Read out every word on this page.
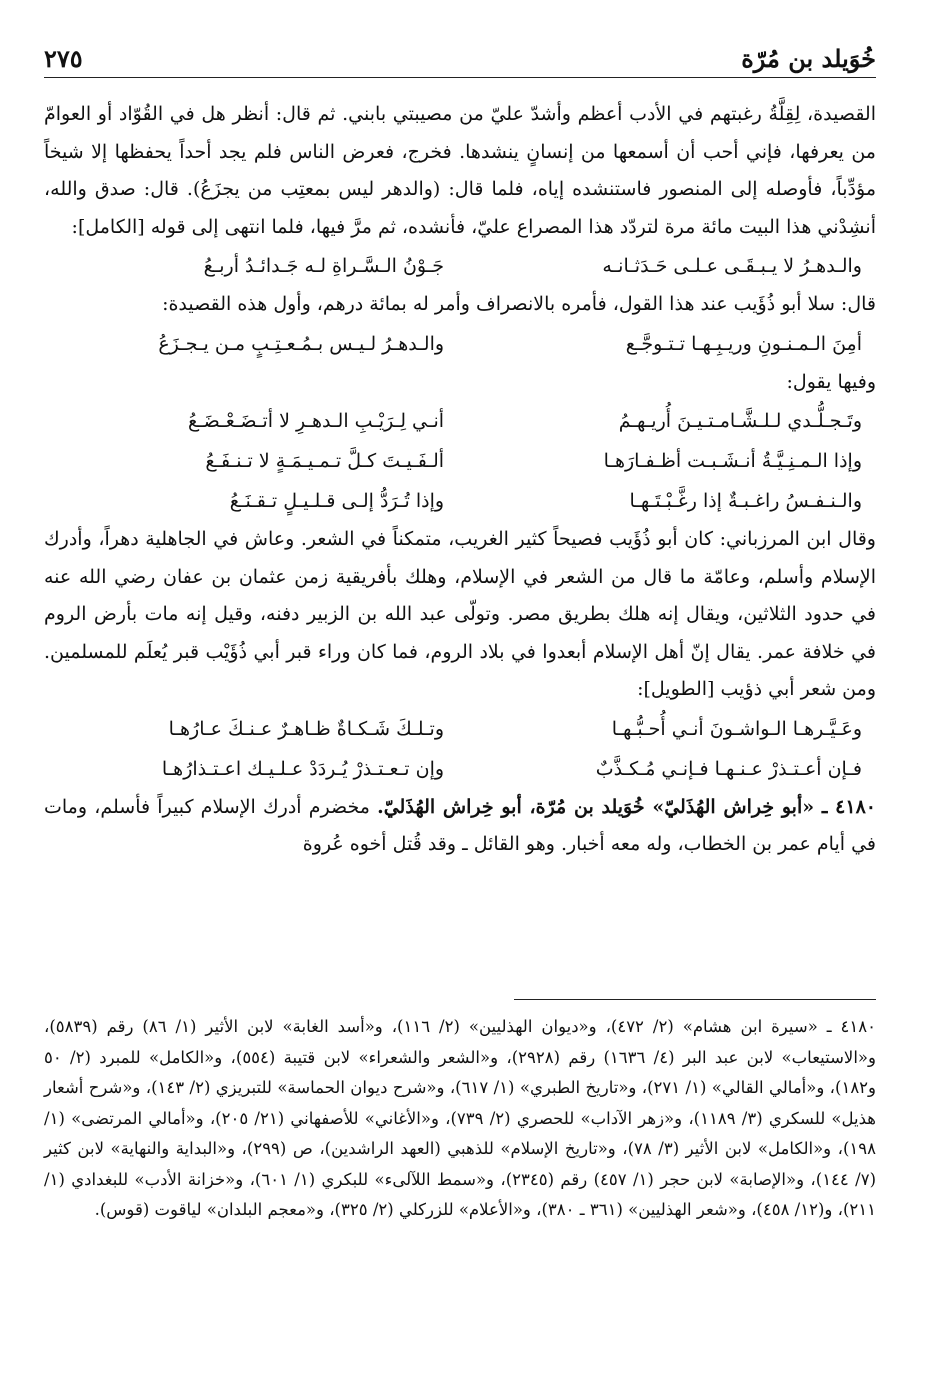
خُوَيلد بن مُرّة
٢٧٥

القصيدة، لِقِلَّةُ رغبتهم في الأدب أعظم وأشدّ عليّ من مصيبتي بابني. ثم قال: أنظر هل في القُوّاد أو العوامّ من يعرفها، فإني أحب أن أسمعها من إنسانٍ ينشدها. فخرج، فعرض الناس فلم يجد أحداً يحفظها إلا شيخاً مؤدِّباً، فأوصله إلى المنصور فاستنشده إياه، فلما قال: (والدهر ليس بمعتِب من يجزَعُ). قال: صدق والله، أنشِدْني هذا البيت مائة مرة لتردّد هذا المصراع عليّ، فأنشده، ثم مرَّ فيها، فلما انتهى إلى قوله [الكامل]:

والـدهـرُ لا يـبـقَـى عـلـى حَـدَثـانـه
جَـوْنُ الـسَّـراةِ لـه جَـدائـدُ أربـعُ

قال: سلا أبو ذُؤَيب عند هذا القول، فأمره بالانصراف وأمر له بمائة درهم، وأول هذه القصيدة:

أمِنَ الـمـنـونِ وريـبِـهـا تـتـوجَّـع
والـدهـرُ لـيـس بـمُـعـتِـبٍ مـن يـجـزَعُ

وفيها يقول:

وتَـجـلُّـدي لـلـشَّـامـتـيـنَ أُريـهـمُ
أنـي لِـرَيْـبِ الـدهـرِ لا أتـضَـعْـضَـعُ
وإذا الـمـنِـيَّـةُ أنـشَـبـت أظـفـارَهـا
ألـفَـيـتَ كـلَّ تـمـيـمَـةٍ لا تـنـفَـعُ
والـنـفـسُ راغـبـةٌ إذا رغَّـبْـتَـهـا
وإذا تُـرَدُّ إلـى قـلـيـلٍ تـقـنَـعُ

وقال ابن المرزباني: كان أبو ذُؤَيب فصيحاً كثير الغريب، متمكناً في الشعر. وعاش في الجاهلية دهراً، وأدرك الإسلام وأسلم، وعامّة ما قال من الشعر في الإسلام، وهلك بأفريقية زمن عثمان بن عفان رضي الله عنه في حدود الثلاثين، ويقال إنه هلك بطريق مصر. وتولّى عبد الله بن الزبير دفنه، وقيل إنه مات بأرض الروم في خلافة عمر. يقال إنّ أهل الإسلام أبعدوا في بلاد الروم، فما كان وراء قبر أبي ذُؤَيْب قبر يُعلَم للمسلمين. ومن شعر أبي ذؤيب [الطويل]:

وعَـيَّـرهـا الـواشـونَ أنـي أُحـبُّـهـا
وتـلـكَ شَـكـاةٌ ظـاهـرٌ عـنـكَ عـارُهـا
فـإن أعـتـذرْ عـنـهـا فـإنـي مُـكـذَّبٌ
وإن تـعـتـذرْ يُـردَدْ عـلـيـك اعـتـذارُهـا

٤١٨٠ ـ «أبو خِراش الهُذَليّ» خُوَيلد بن مُرّة، أبو خِراش الهُذَليّ. مخضرم أدرك الإسلام كبيراً فأسلم، ومات في أيام عمر بن الخطاب، وله معه أخبار. وهو القائل ـ وقد قُتل أخوه عُروة

٤١٨٠ ـ «سيرة ابن هشام» (٢/ ٤٧٢)، و«ديوان الهذليين» (٢/ ١١٦)، و«أسد الغابة» لابن الأثير (١/ ٨٦) رقم (٥٨٣٩)، و«الاستيعاب» لابن عبد البر (٤/ ١٦٣٦) رقم (٢٩٢٨)، و«الشعر والشعراء» لابن قتيبة (٥٥٤)، و«الكامل» للمبرد (٢/ ٥٠ و١٨٢)، و«أمالي القالي» (١/ ٢٧١)، و«تاريخ الطبري» (١/ ٦١٧)، و«شرح ديوان الحماسة» للتبريزي (٢/ ١٤٣)، و«شرح أشعار هذيل» للسكري (٣/ ١١٨٩)، و«زهر الآداب» للحصري (٢/ ٧٣٩)، و«الأغاني» للأصفهاني (٢١/ ٢٠٥)، و«أمالي المرتضى» (١/ ١٩٨)، و«الكامل» لابن الأثير (٣/ ٧٨)، و«تاريخ الإسلام» للذهبي (العهد الراشدين)، ص (٢٩٩)، و«البداية والنهاية» لابن كثير (٧/ ١٤٤)، و«الإصابة» لابن حجر (١/ ٤٥٧) رقم (٢٣٤٥)، و«سمط اللآلىء» للبكري (١/ ٦٠١)، و«خزانة الأدب» للبغدادي (١/ ٢١١)، و(١٢/ ٤٥٨)، و«شعر الهذليين» (٣٦١ ـ ٣٨٠)، و«الأعلام» للزركلي (٢/ ٣٢٥)، و«معجم البلدان» لياقوت (قوس).
